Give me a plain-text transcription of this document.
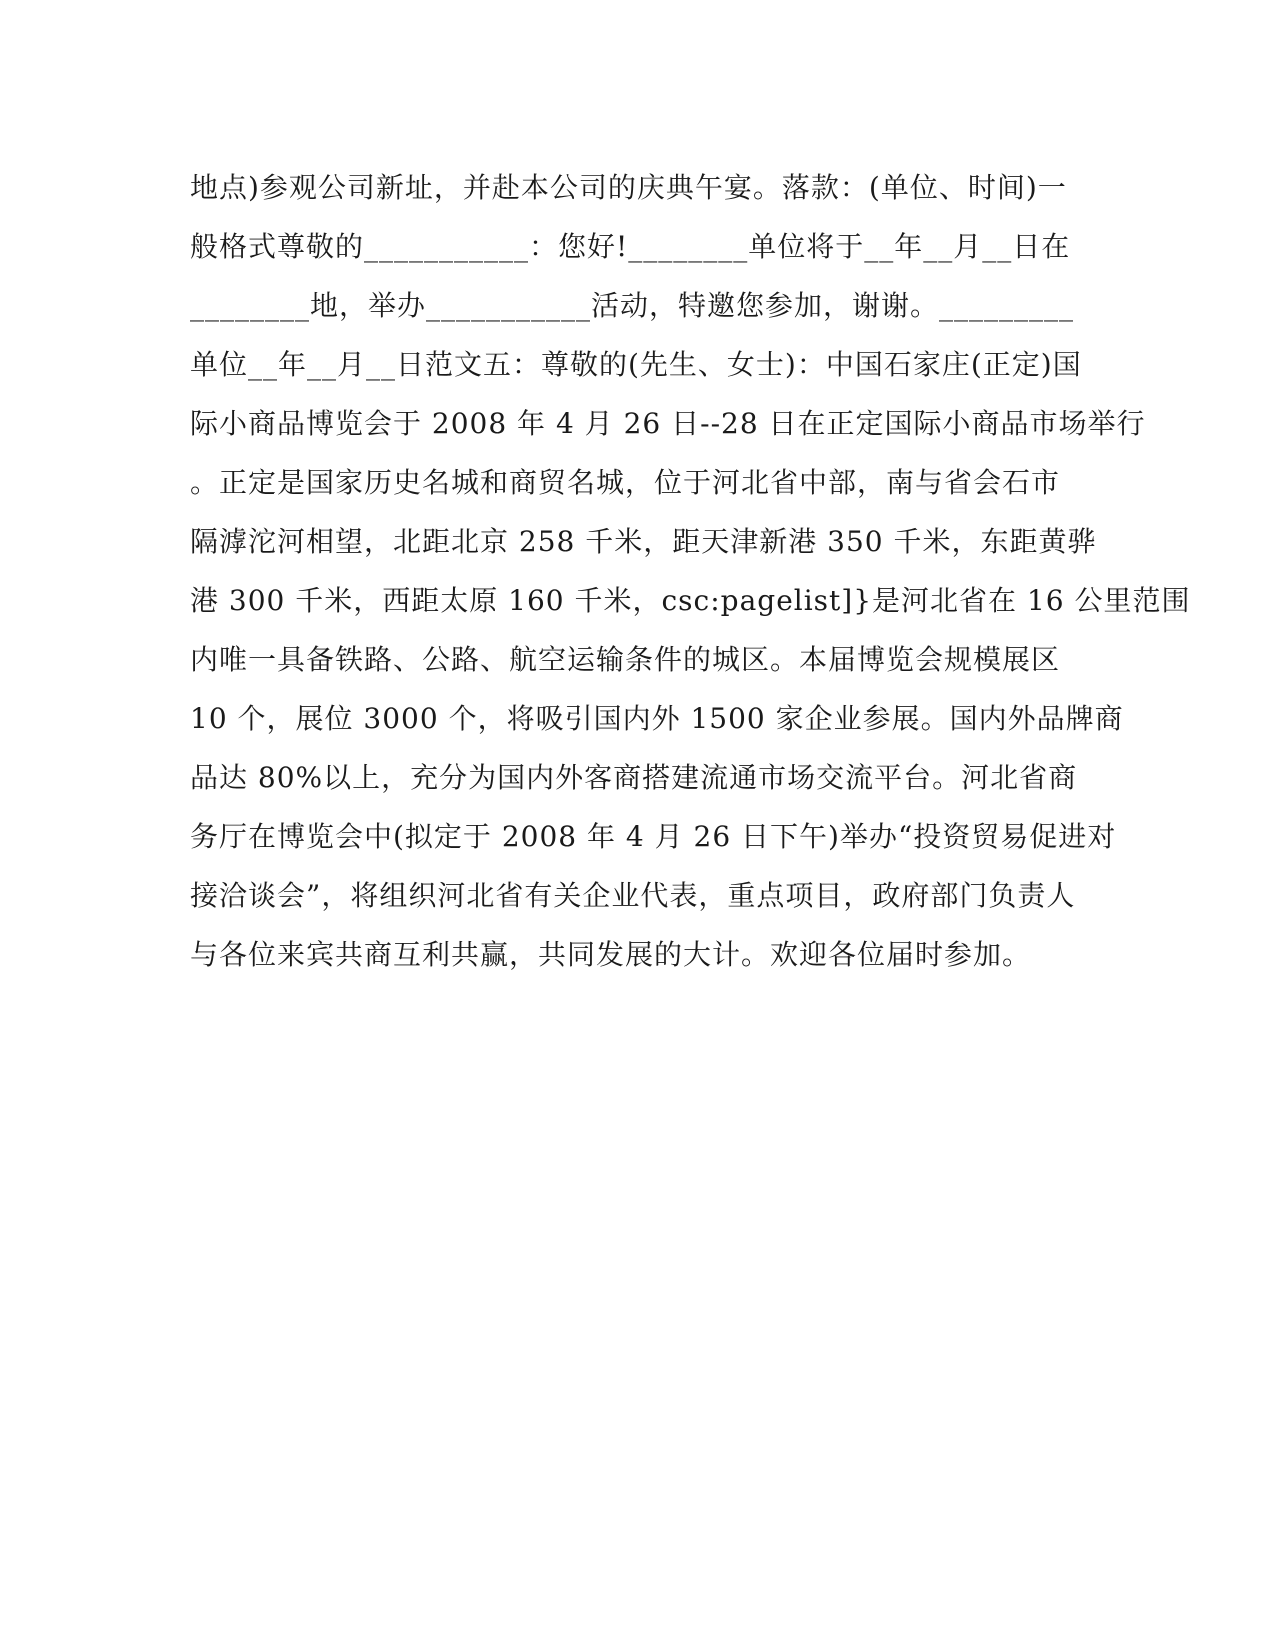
地点)参观公司新址，并赴本公司的庆典午宴。落款：(单位、时间)一
般格式尊敬的___________：您好!________单位将于__年__月__日在
________地，举办___________活动，特邀您参加，谢谢。_________
单位__年__月__日范文五：尊敬的(先生、女士)：中国石家庄(正定)国
际小商品博览会于 2008 年 4 月 26 日--28 日在正定国际小商品市场举行
。正定是国家历史名城和商贸名城，位于河北省中部，南与省会石市
隔滹沱河相望，北距北京 258 千米，距天津新港 350 千米，东距黄骅
港 300 千米，西距太原 160 千米，csc:pagelist]}是河北省在 16 公里范围
内唯一具备铁路、公路、航空运输条件的城区。本届博览会规模展区
10 个，展位 3000 个，将吸引国内外 1500 家企业参展。国内外品牌商
品达 80%以上，充分为国内外客商搭建流通市场交流平台。河北省商
务厅在博览会中(拟定于 2008 年 4 月 26 日下午)举办“投资贸易促进对
接洽谈会”，将组织河北省有关企业代表，重点项目，政府部门负责人
与各位来宾共商互利共赢，共同发展的大计。欢迎各位届时参加。
